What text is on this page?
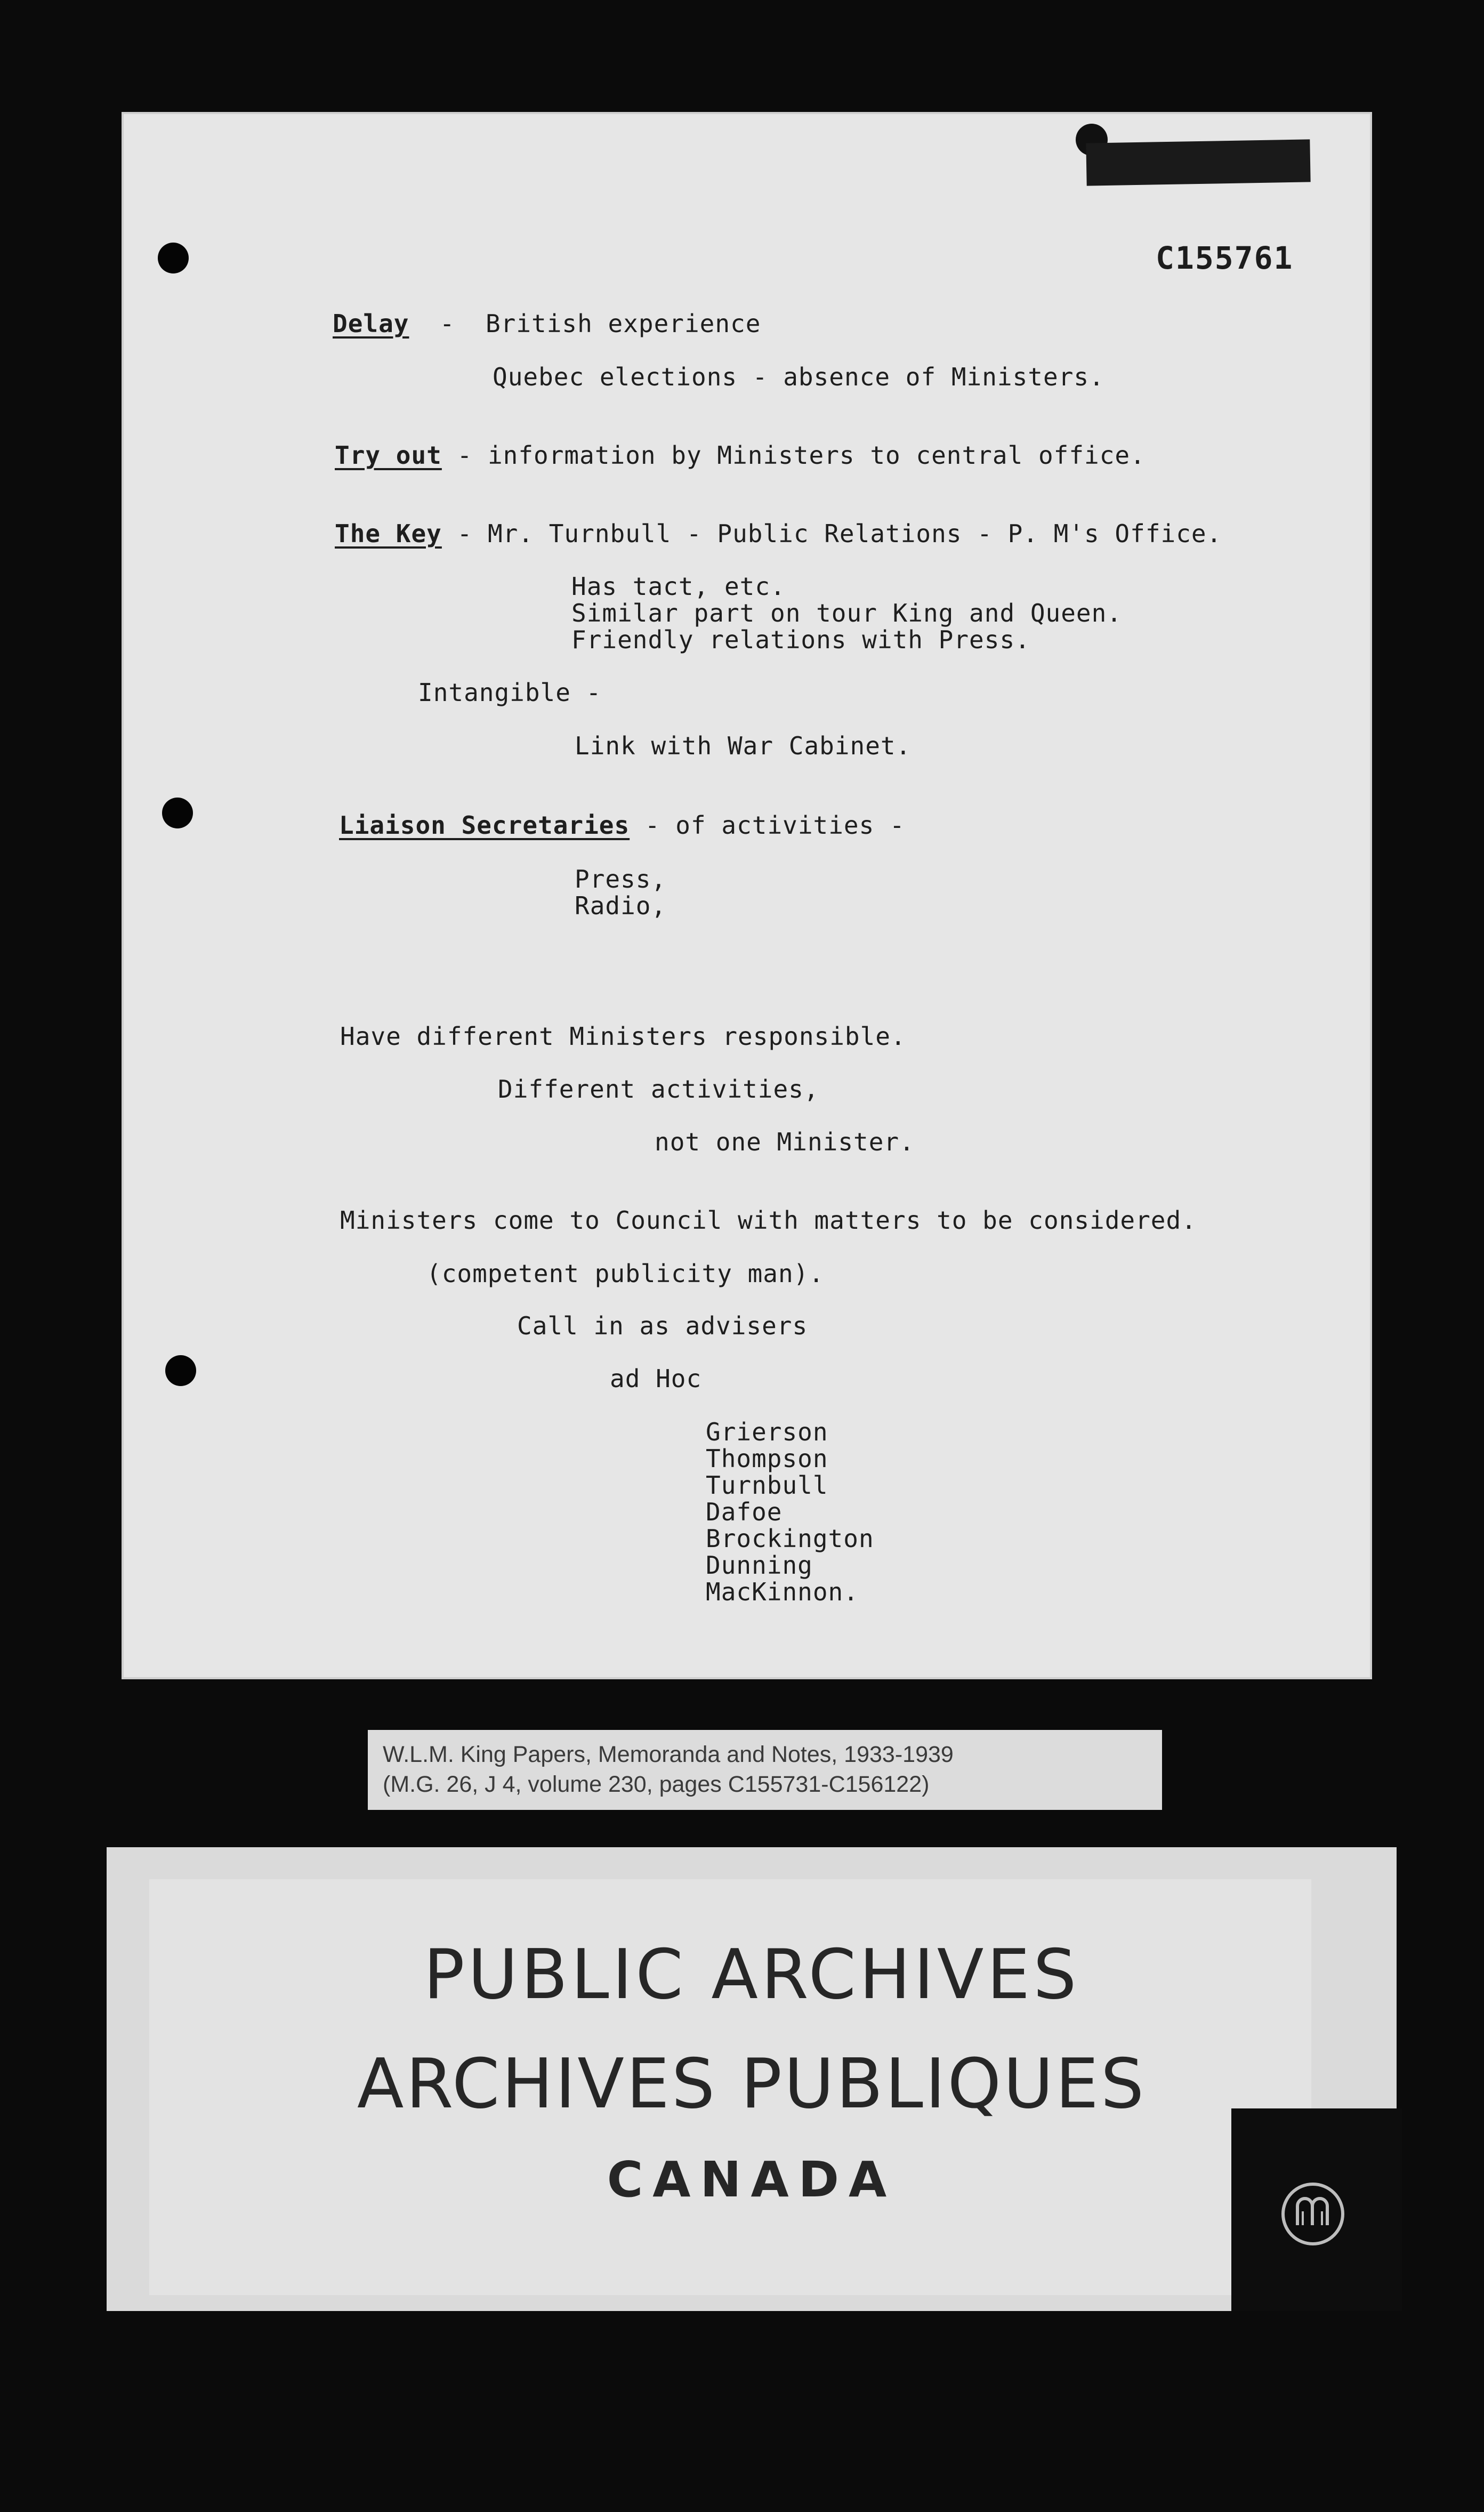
C155761
Delay  -  British experience
Quebec elections - absence of Ministers.
Try out - information by Ministers to central office.
The Key - Mr. Turnbull - Public Relations - P. M's Office.
Has tact, etc.
Similar part on tour King and Queen.
Friendly relations with Press.
Intangible -
Link with War Cabinet.
Liaison Secretaries - of activities -
Press,
Radio,
Have different Ministers responsible.
Different activities,
not one Minister.
Ministers come to Council with matters to be considered.
(competent publicity man).
Call in as advisers
ad Hoc
Grierson
Thompson
Turnbull
Dafoe
Brockington
Dunning
MacKinnon.
W.L.M. King Papers, Memoranda and Notes, 1933-1939
(M.G. 26, J 4, volume 230, pages C155731-C156122)
PUBLIC ARCHIVES
ARCHIVES PUBLIQUES
CANADA
